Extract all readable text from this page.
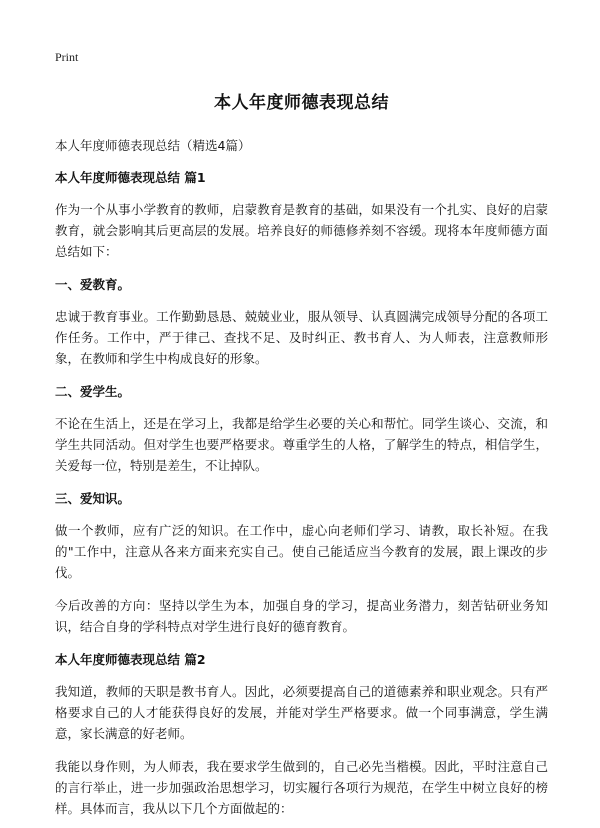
Print
本人年度师德表现总结
本人年度师德表现总结（精选4篇）
本人年度师德表现总结 篇1
作为一个从事小学教育的教师，启蒙教育是教育的基础，如果没有一个扎实、良好的启蒙教育，就会影响其后更高层的发展。培养良好的师德修养刻不容缓。现将本年度师德方面总结如下：
一、爱教育。
忠诚于教育事业。工作勤勤恳恳、兢兢业业，服从领导、认真圆满完成领导分配的各项工作任务。工作中，严于律己、查找不足、及时纠正、教书育人、为人师表，注意教师形象，在教师和学生中构成良好的形象。
二、爱学生。
不论在生活上，还是在学习上，我都是给学生必要的关心和帮忙。同学生谈心、交流，和学生共同活动。但对学生也要严格要求。尊重学生的人格，了解学生的特点，相信学生，关爱每一位，特别是差生，不让掉队。
三、爱知识。
做一个教师，应有广泛的知识。在工作中，虚心向老师们学习、请教，取长补短。在我的"工作中，注意从各来方面来充实自己。使自己能适应当今教育的发展，跟上课改的步伐。
今后改善的方向：坚持以学生为本，加强自身的学习，提高业务潜力，刻苦钻研业务知识，结合自身的学科特点对学生进行良好的德育教育。
本人年度师德表现总结 篇2
我知道，教师的天职是教书育人。因此，必须要提高自己的道德素养和职业观念。只有严格要求自己的人才能获得良好的发展，并能对学生严格要求。做一个同事满意，学生满意，家长满意的好老师。
我能以身作则，为人师表，我在要求学生做到的，自己必先当楷模。因此，平时注意自己的言行举止，进一步加强政治思想学习，切实履行各项行为规范，在学生中树立良好的榜样。具体而言，我从以下几个方面做起的：
